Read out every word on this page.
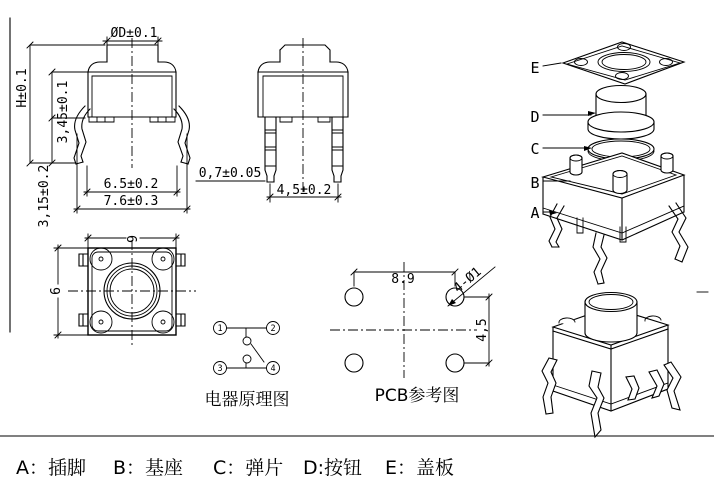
ØD±0.1
H±0.1 3,45±0.1
3,15±0.2	6.5±0.2
7.6±0.3
0,7±0.05
4,5±0.2
9
6
1	2
3	4
电器原理图
8.9	4-Ø1
4,5
PCB参考图
E
D
C
B
A
A：插脚 B：基座 C：弹片 D:按钮 E：盖板
